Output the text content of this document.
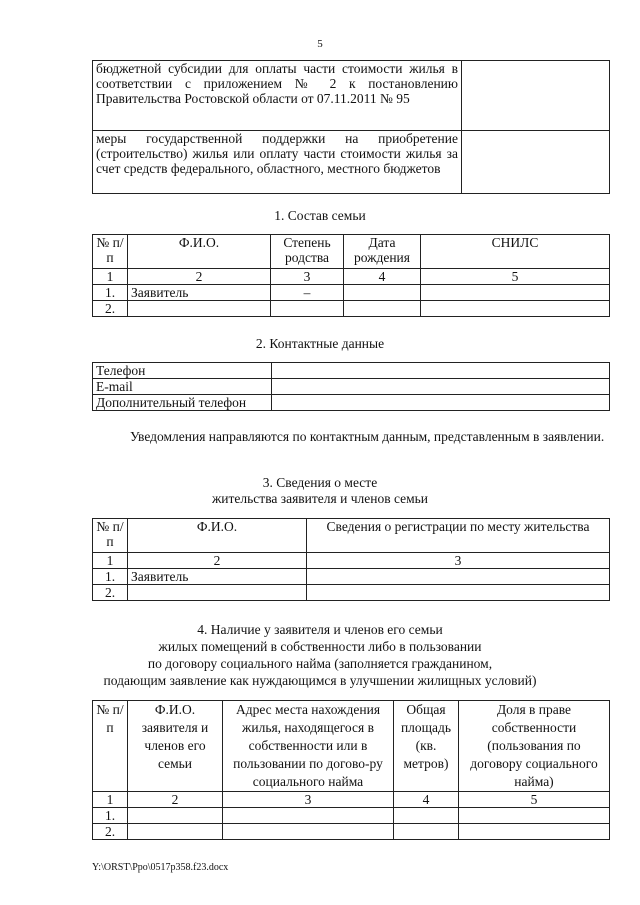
5
бюджетной субсидии для оплаты части стоимости жилья в соответствии с приложением № 2 к постановлению Правительства Ростовской области от 07.11.2011 № 95	
меры государственной поддержки на приобретение (строительство) жилья или оплату части стоимости жилья за счет средств федерального, областного, местного бюджетов	
1. Состав семьи
№ п/п	Ф.И.О.	Степень родства	Дата рождения	СНИЛС
1	2	3	4	5
1.	Заявитель	–		
2.				
2. Контактные данные
Телефон	
E-mail	
Дополнительный телефон	
Уведомления направляются по контактным данным, представленным в заявлении.
3. Сведения о месте
жительства заявителя и членов семьи
№ п/п	Ф.И.О.	Сведения о регистрации по месту жительства
1	2	3
1.	Заявитель	
2.		
4. Наличие у заявителя и членов его семьи
жилых помещений в собственности либо в пользовании
по договору социального найма (заполняется гражданином,
подающим заявление как нуждающимся в улучшении жилищных условий)
№ п/п	Ф.И.О. заявителя и членов его семьи	Адрес места нахождения жилья, находящегося в собственности или в пользовании по догово-ру социального найма	Общая площадь (кв. метров)	Доля в праве собственности (пользования по договору социального найма)
1	2	3	4	5
1.				
2.				
Y:\ORST\Ppo\0517p358.f23.docx
